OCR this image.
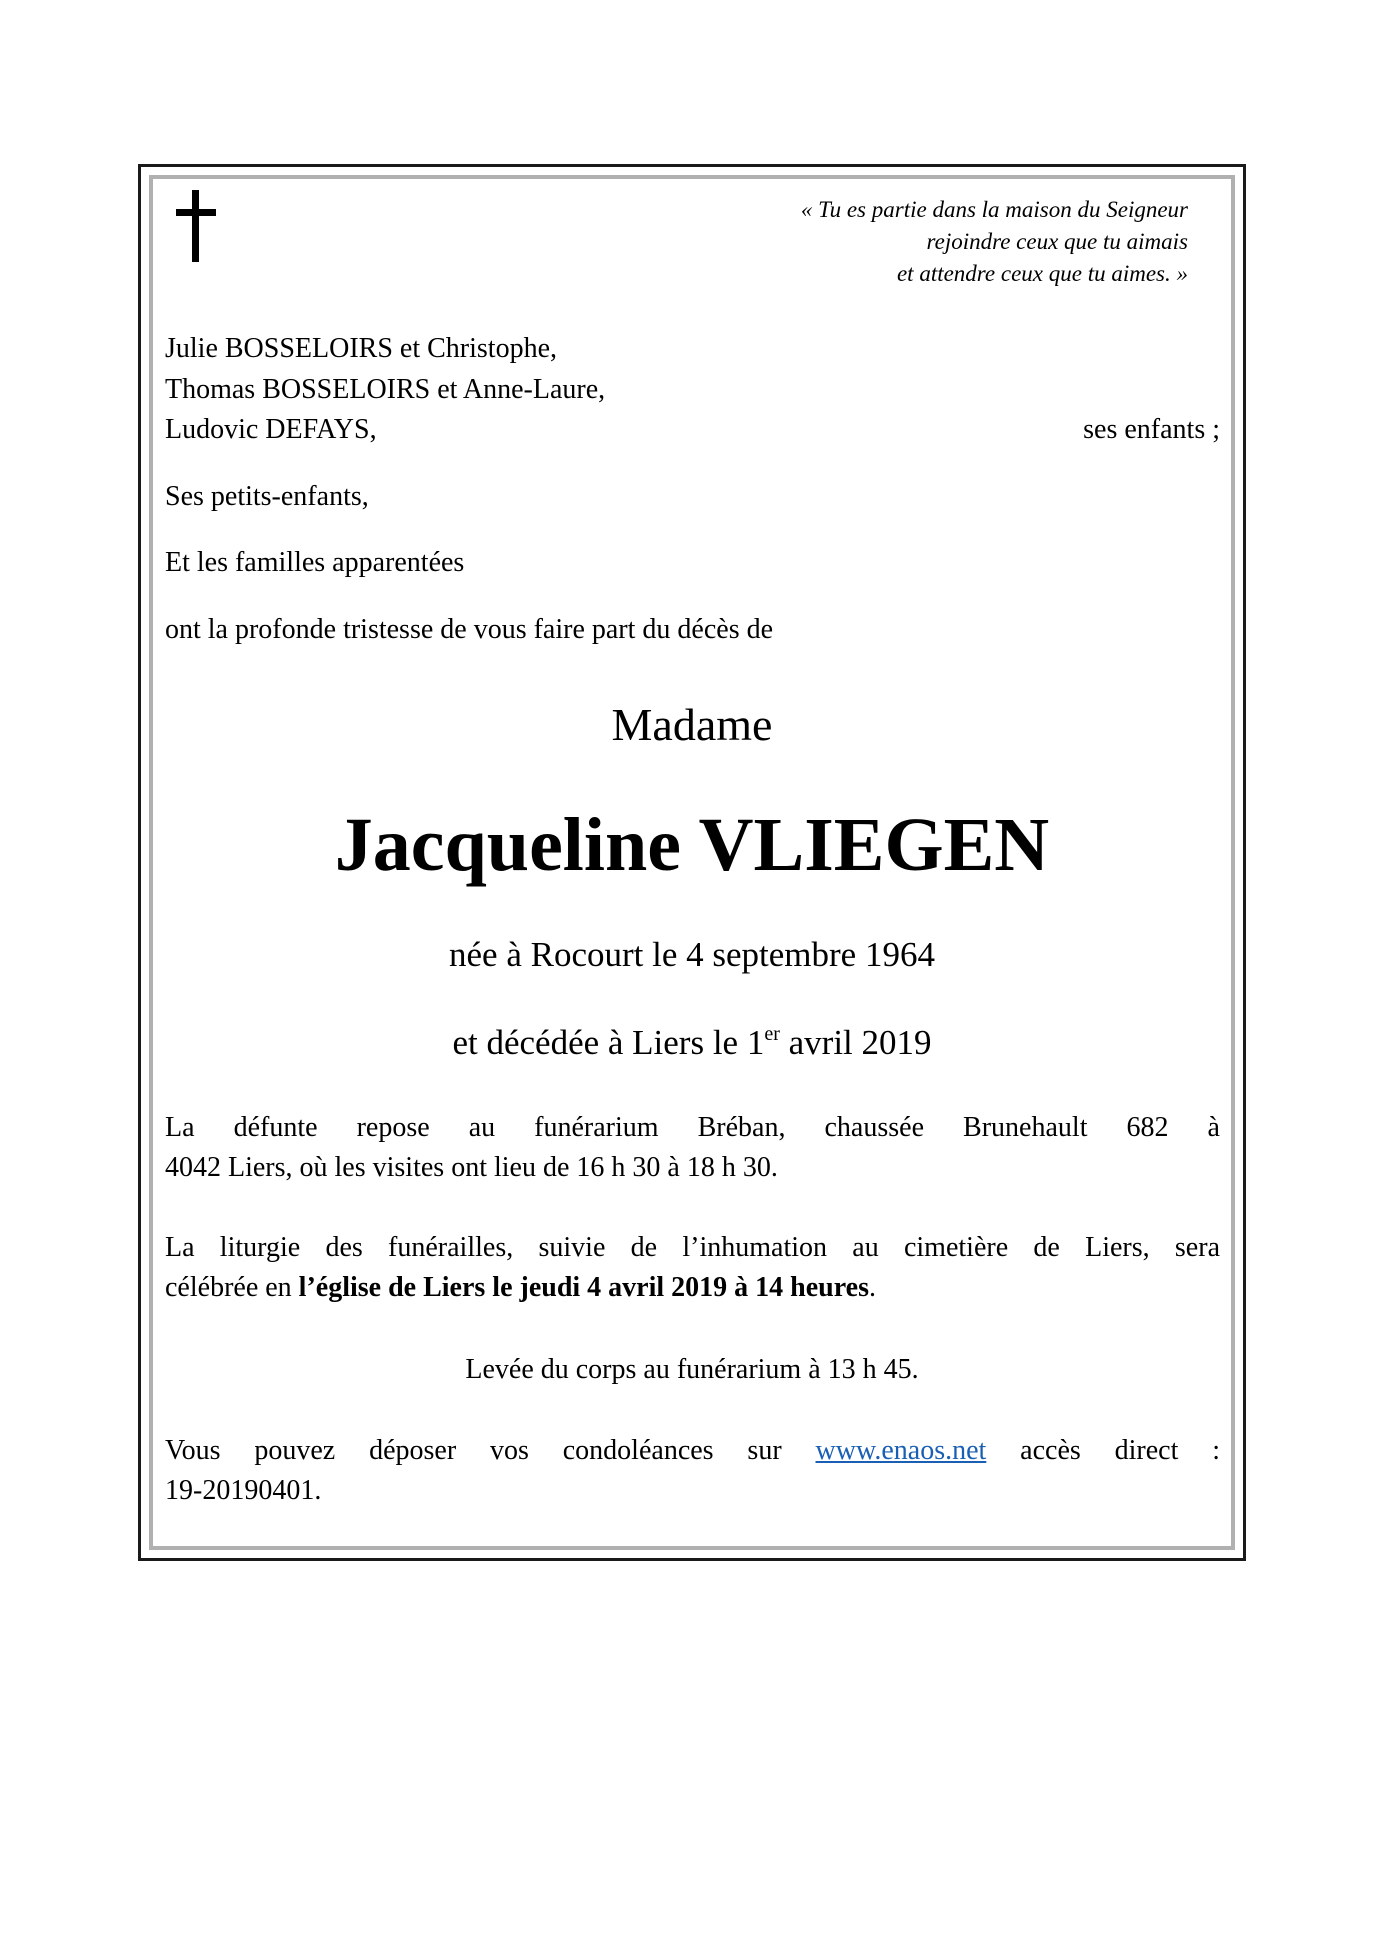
« Tu es partie dans la maison du Seigneur
rejoindre ceux que tu aimais
et attendre ceux que tu aimes. »
Julie BOSSELOIRS et Christophe,
Thomas BOSSELOIRS et Anne-Laure,
Ludovic DEFAYS,	ses enfants ;
Ses petits-enfants,
Et les familles apparentées
ont la profonde tristesse de vous faire part du décès de
Madame
Jacqueline VLIEGEN
née à Rocourt le 4 septembre 1964
et décédée à Liers le 1er avril 2019
La défunte repose au funérarium Bréban, chaussée Brunehault 682 à
4042 Liers, où les visites ont lieu de 16 h 30 à 18 h 30.
La liturgie des funérailles, suivie de l’inhumation au cimetière de Liers, sera
célébrée en l’église de Liers le jeudi 4 avril 2019 à 14 heures.
Levée du corps au funérarium à 13 h 45.
Vous pouvez déposer vos condoléances sur www.enaos.net accès direct :
19-20190401.
